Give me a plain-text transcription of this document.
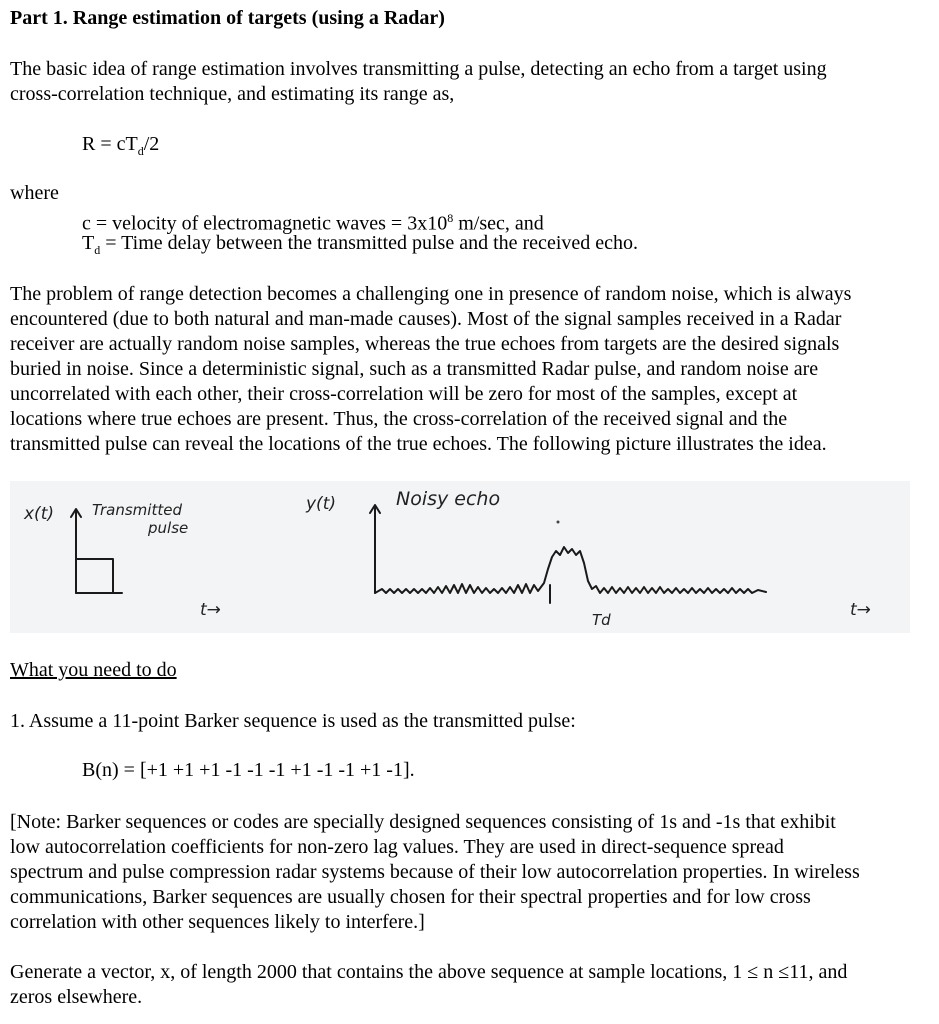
Part 1. Range estimation of targets (using a Radar)

The basic idea of range estimation involves transmitting a pulse, detecting an echo from a target using

cross-correlation technique, and estimating its range as,

$R = cT_d/2$

where

c = velocity of electromagnetic waves = $3x10^8$ m/sec, and

$T_d$ = Time delay between the transmitted pulse and the received echo.

The problem of range detection becomes a challenging one in presence of random noise, which is always

encountered (due to both natural and man-made causes). Most of the signal samples received in a Radar

receiver are actually random noise samples, whereas the true echoes from targets are the desired signals

buried in noise. Since a deterministic signal, such as a transmitted Radar pulse, and random noise are

uncorrelated with each other, their cross-correlation will be zero for most of the samples, except at

locations where true echoes are present. Thus, the cross-correlation of the received signal and the

transmitted pulse can reveal the locations of the true echoes. The following picture illustrates the idea.

x(t)	Transmitted
pulse
t→
y(t)	Noisy echo
Td	t→

What you need to do

1. Assume a 11-point Barker sequence is used as the transmitted pulse:

B(n) = [+1 +1 +1 -1 -1 -1 +1 -1 -1 +1 -1].

[Note: Barker sequences or codes are specially designed sequences consisting of 1s and -1s that exhibit

low autocorrelation coefficients for non-zero lag values. They are used in direct-sequence spread

spectrum and pulse compression radar systems because of their low autocorrelation properties. In wireless

communications, Barker sequences are usually chosen for their spectral properties and for low cross

correlation with other sequences likely to interfere.]

Generate a vector, x, of length 2000 that contains the above sequence at sample locations, 1 ≤ n ≤11, and

zeros elsewhere.
